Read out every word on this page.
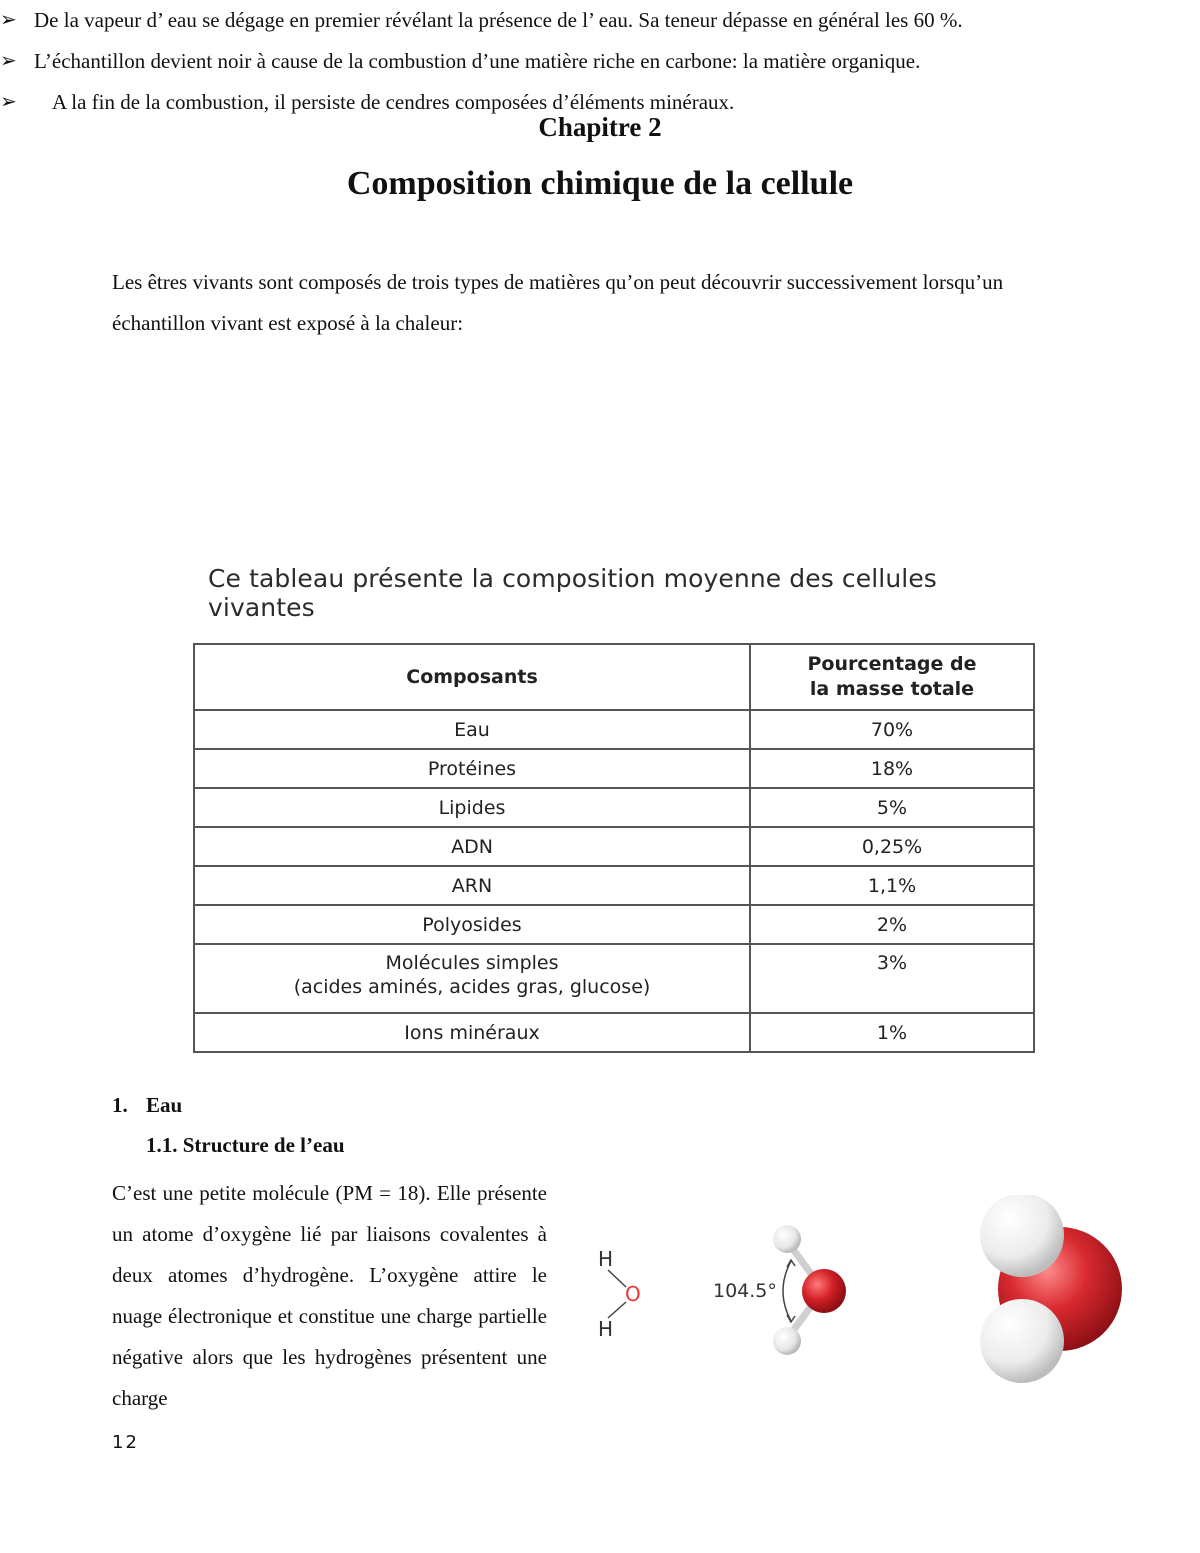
Chapitre 2
Composition chimique de la cellule
Les êtres vivants sont composés de trois types de matières qu’on peut découvrir successivement lorsqu’un échantillon vivant est exposé à la chaleur:
➢ De la vapeur d’ eau se dégage en premier révélant la présence de l’ eau. Sa teneur dépasse en général les 60 %.
➢ L’échantillon devient noir à cause de la combustion d’une matière riche en carbone: la matière organique.
➢ A la fin de la combustion, il persiste de cendres composées d’éléments minéraux.
Ce tableau présente la composition moyenne des cellules vivantes
Composants	Pourcentage de
la masse totale
Eau	70%
Protéines	18%
Lipides	5%
ADN	0,25%
ARN	1,1%
Polyosides	2%
Molécules simples
(acides aminés, acides gras, glucose)	3%
Ions minéraux	1%
1. Eau
1.1. Structure de l’eau
C’est une petite molécule (PM = 18). Elle présente un atome d’oxygène lié par liaisons covalentes à deux atomes d’hydrogène. L’oxygène attire le nuage électronique et constitue une charge partielle négative alors que les hydrogènes présentent une charge
H
H
O	104.5°
12
